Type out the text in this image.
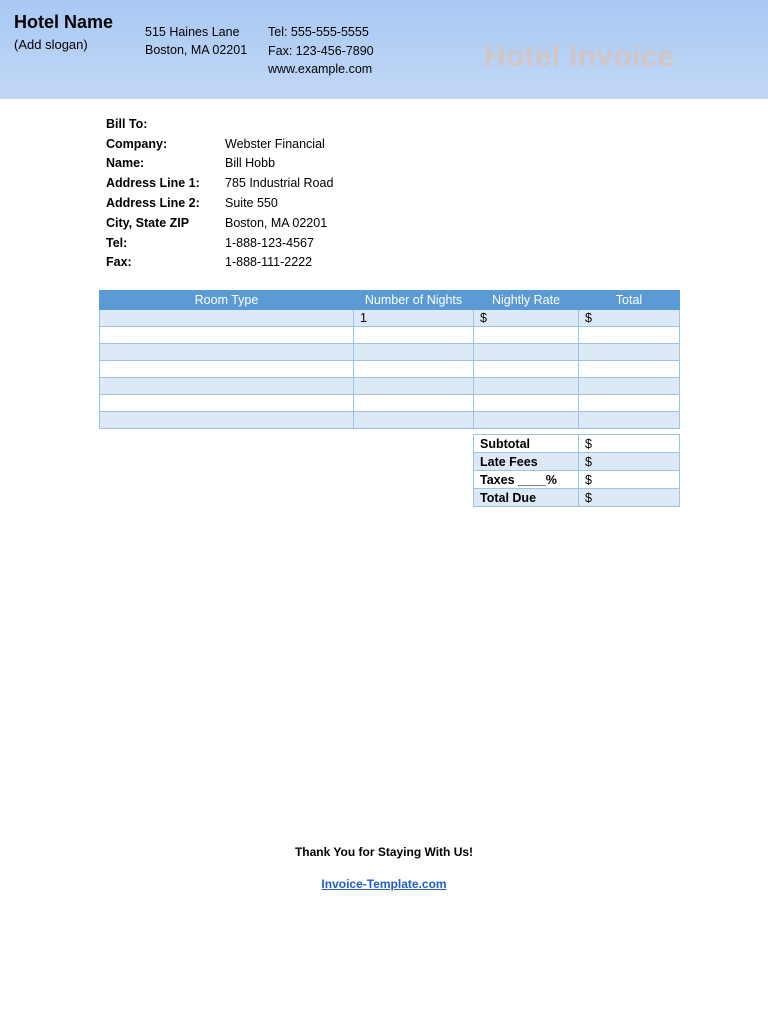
Hotel Name
(Add slogan)
515 Haines Lane
Boston, MA 02201
Tel: 555-555-5555
Fax: 123-456-7890
www.example.com	Hotel Invoice
Bill To:
Company:	Webster Financial
Name:	Bill Hobb
Address Line 1:	785 Industrial Road
Address Line 2:	Suite 550
City, State ZIP	Boston, MA 02201
Tel:	1-888-123-4567
Fax:	1-888-111-2222
Room Type	Number of Nights	Nightly Rate	Total
	1	$	$

Subtotal	$
Late Fees	$
Taxes ____%	$
Total Due	$
Thank You for Staying With Us!
Invoice-Template.com
